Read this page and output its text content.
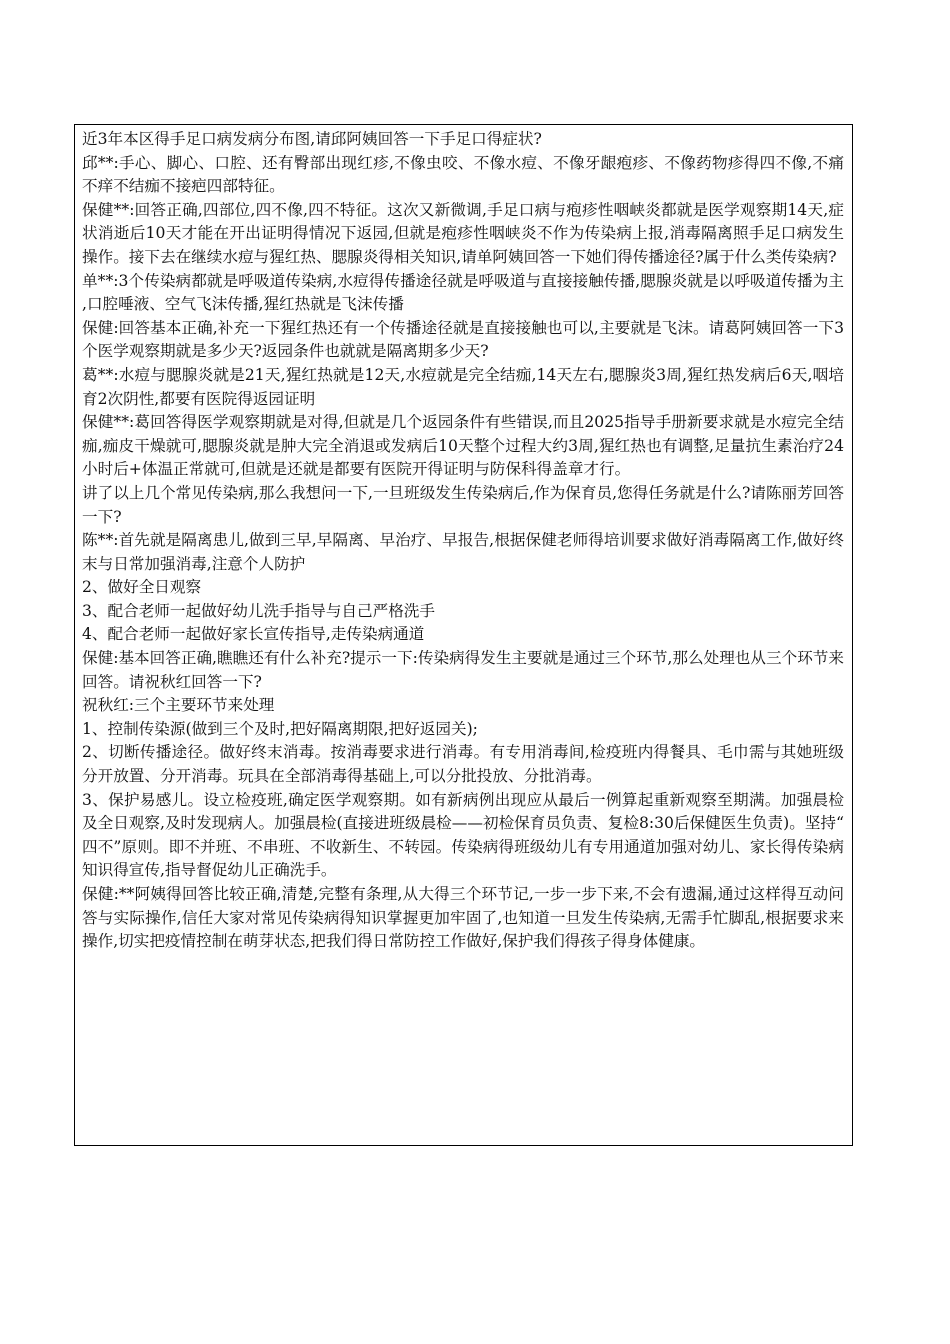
近3年本区得手足口病发病分布图,请邱阿姨回答一下手足口得症状?

邱**:手心、脚心、口腔、还有臀部出现红疹,不像虫咬、不像水痘、不像牙龈疱疹、不像药物疹得四不像,不痛不痒不结痂不接疤四部特征。

保健**:回答正确,四部位,四不像,四不特征。这次又新微调,手足口病与疱疹性咽峡炎都就是医学观察期14天,症状消逝后10天才能在开出证明得情况下返园,但就是疱疹性咽峡炎不作为传染病上报,消毒隔离照手足口病发生操作。接下去在继续水痘与猩红热、腮腺炎得相关知识,请单阿姨回答一下她们得传播途径?属于什么类传染病?

单**:3个传染病都就是呼吸道传染病,水痘得传播途径就是呼吸道与直接接触传播,腮腺炎就是以呼吸道传播为主,口腔唾液、空气飞沫传播,猩红热就是飞沫传播

保健:回答基本正确,补充一下猩红热还有一个传播途径就是直接接触也可以,主要就是飞沫。请葛阿姨回答一下3个医学观察期就是多少天?返园条件也就就是隔离期多少天?

葛**:水痘与腮腺炎就是21天,猩红热就是12天,水痘就是完全结痂,14天左右,腮腺炎3周,猩红热发病后6天,咽培育2次阴性,都要有医院得返园证明

保健**:葛回答得医学观察期就是对得,但就是几个返园条件有些错误,而且2025指导手册新要求就是水痘完全结痂,痂皮干燥就可,腮腺炎就是肿大完全消退或发病后10天整个过程大约3周,猩红热也有调整,足量抗生素治疗24小时后+体温正常就可,但就是还就是都要有医院开得证明与防保科得盖章才行。

讲了以上几个常见传染病,那么我想问一下,一旦班级发生传染病后,作为保育员,您得任务就是什么?请陈丽芳回答一下?

陈**:首先就是隔离患儿,做到三早,早隔离、早治疗、早报告,根据保健老师得培训要求做好消毒隔离工作,做好终末与日常加强消毒,注意个人防护

2、做好全日观察

3、配合老师一起做好幼儿洗手指导与自己严格洗手

4、配合老师一起做好家长宣传指导,走传染病通道

保健:基本回答正确,瞧瞧还有什么补充?提示一下:传染病得发生主要就是通过三个环节,那么处理也从三个环节来回答。请祝秋红回答一下?

祝秋红:三个主要环节来处理

1、控制传染源(做到三个及时,把好隔离期限,把好返园关);

2、切断传播途径。做好终末消毒。按消毒要求进行消毒。有专用消毒间,检疫班内得餐具、毛巾需与其她班级分开放置、分开消毒。玩具在全部消毒得基础上,可以分批投放、分批消毒。

3、保护易感儿。设立检疫班,确定医学观察期。如有新病例出现应从最后一例算起重新观察至期满。加强晨检及全日观察,及时发现病人。加强晨检(直接进班级晨检——初检保育员负责、复检8:30后保健医生负责)。坚持“四不”原则。即不并班、不串班、不收新生、不转园。传染病得班级幼儿有专用通道加强对幼儿、家长得传染病知识得宣传,指导督促幼儿正确洗手。

保健:**阿姨得回答比较正确,清楚,完整有条理,从大得三个环节记,一步一步下来,不会有遗漏,通过这样得互动问答与实际操作,信任大家对常见传染病得知识掌握更加牢固了,也知道一旦发生传染病,无需手忙脚乱,根据要求来操作,切实把疫情控制在萌芽状态,把我们得日常防控工作做好,保护我们得孩子得身体健康。
